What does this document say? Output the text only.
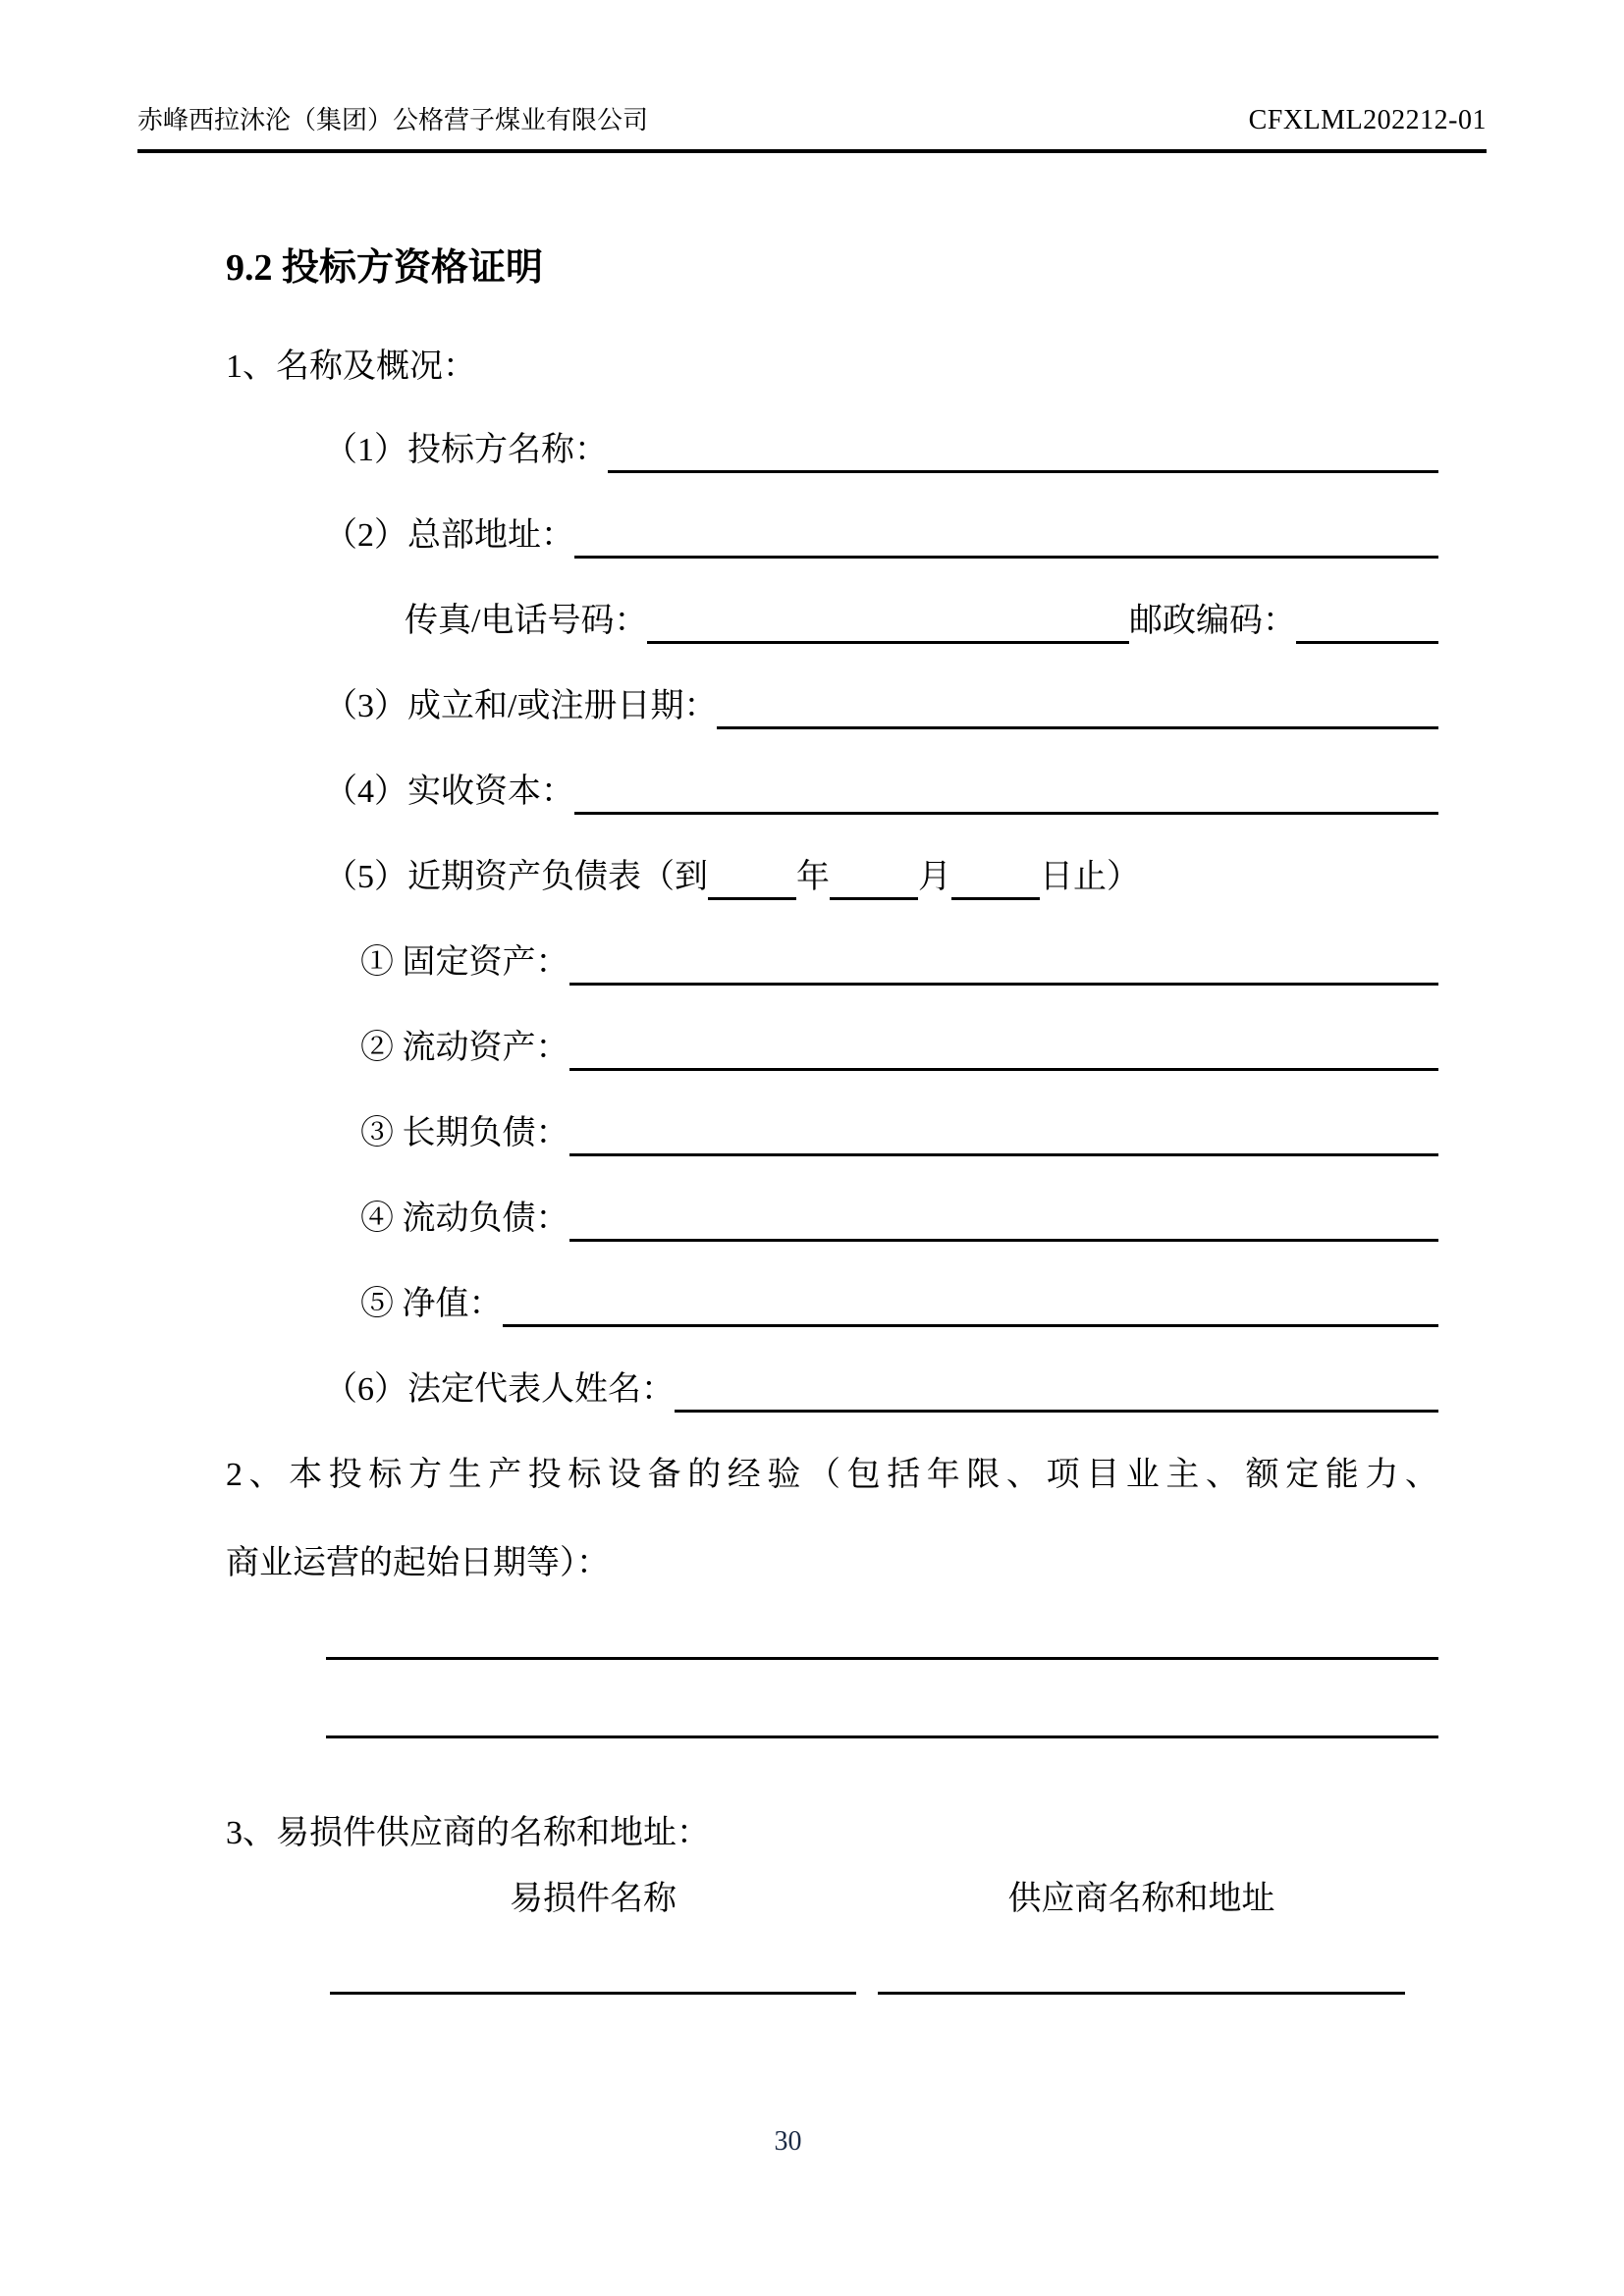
赤峰西拉沐沦（集团）公格营子煤业有限公司	CFXLML202212-01
9.2 投标方资格证明
1、名称及概况：
（1）投标方名称：
（2）总部地址：
传真/电话号码：	邮政编码：
（3）成立和/或注册日期：
（4）实收资本：
（5）近期资产负债表（到	年	月	日止）
① 固定资产：
② 流动资产：
③ 长期负债：
④ 流动负债：
⑤ 净值：
（6）法定代表人姓名：
2、本投标方生产投标设备的经验（包括年限、项目业主、额定能力、
商业运营的起始日期等）：
3、易损件供应商的名称和地址：
易损件名称	供应商名称和地址
30
